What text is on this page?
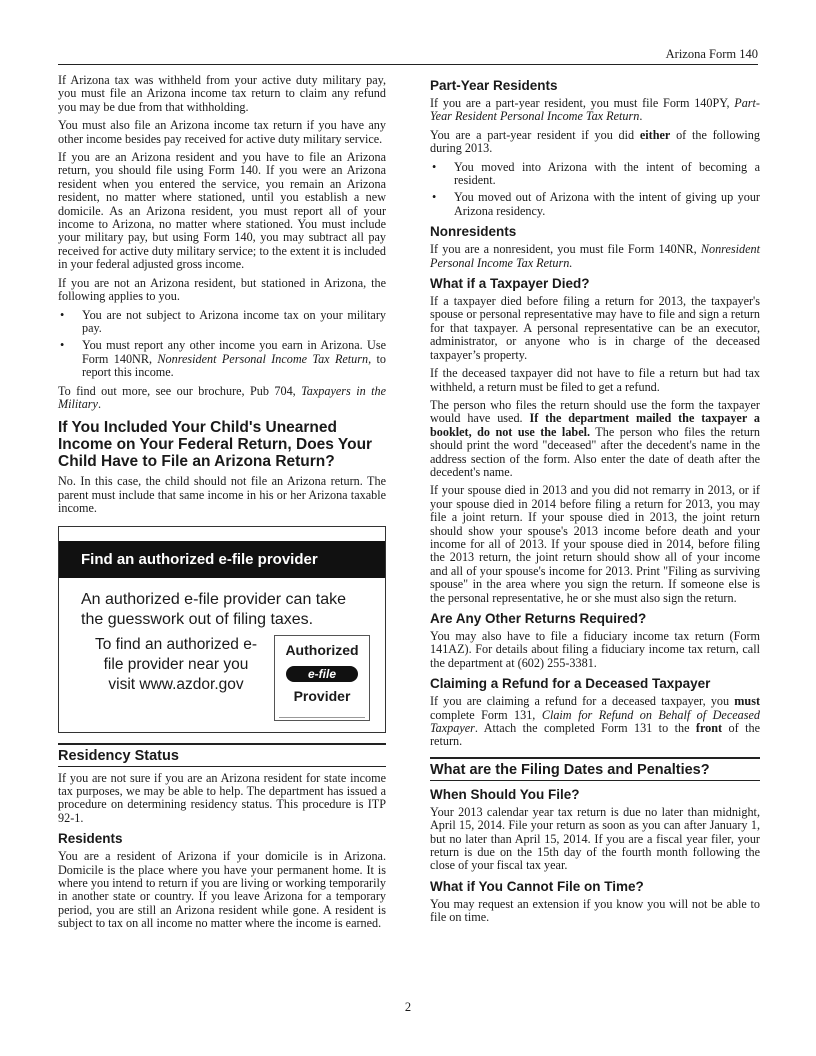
Arizona Form 140

If Arizona tax was withheld from your active duty military pay, you must file an Arizona income tax return to claim any refund you may be due from that withholding.

You must also file an Arizona income tax return if you have any other income besides pay received for active duty military service.

If you are an Arizona resident and you have to file an Arizona return, you should file using Form 140. If you were an Arizona resident when you entered the service, you remain an Arizona resident, no matter where stationed, until you establish a new domicile. As an Arizona resident, you must report all of your income to Arizona, no matter where stationed. You must include your military pay, but using Form 140, you may subtract all pay received for active duty military service; to the extent it is included in your federal adjusted gross income.

If you are not an Arizona resident, but stationed in Arizona, the following applies to you.

• You are not subject to Arizona income tax on your military pay.
• You must report any other income you earn in Arizona. Use Form 140NR, Nonresident Personal Income Tax Return, to report this income.

To find out more, see our brochure, Pub 704, Taxpayers in the Military.

If You Included Your Child's Unearned Income on Your Federal Return, Does Your Child Have to File an Arizona Return?

No. In this case, the child should not file an Arizona return. The parent must include that same income in his or her Arizona taxable income.

Find an authorized e-file provider
An authorized e-file provider can take the guesswork out of filing taxes.
To find an authorized e-file provider near you visit www.azdor.gov
Authorized
e-file
Provider
Residency Status

If you are not sure if you are an Arizona resident for state income tax purposes, we may be able to help. The department has issued a procedure on determining residency status. This procedure is ITP 92-1.

Residents

You are a resident of Arizona if your domicile is in Arizona. Domicile is the place where you have your permanent home. It is where you intend to return if you are living or working temporarily in another state or country. If you leave Arizona for a temporary period, you are still an Arizona resident while gone. A resident is subject to tax on all income no matter where the income is earned.

Part-Year Residents

If you are a part-year resident, you must file Form 140PY, Part-Year Resident Personal Income Tax Return.

You are a part-year resident if you did either of the following during 2013.

• You moved into Arizona with the intent of becoming a resident.
• You moved out of Arizona with the intent of giving up your Arizona residency.
Nonresidents

If you are a nonresident, you must file Form 140NR, Nonresident Personal Income Tax Return.

What if a Taxpayer Died?

If a taxpayer died before filing a return for 2013, the taxpayer's spouse or personal representative may have to file and sign a return for that taxpayer. A personal representative can be an executor, administrator, or anyone who is in charge of the deceased taxpayer’s property.

If the deceased taxpayer did not have to file a return but had tax withheld, a return must be filed to get a refund.

The person who files the return should use the form the taxpayer would have used. If the department mailed the taxpayer a booklet, do not use the label. The person who files the return should print the word "deceased" after the decedent's name in the address section of the form. Also enter the date of death after the decedent's name.

If your spouse died in 2013 and you did not remarry in 2013, or if your spouse died in 2014 before filing a return for 2013, you may file a joint return. If your spouse died in 2013, the joint return should show your spouse's 2013 income before death and your income for all of 2013. If your spouse died in 2014, before filing the 2013 return, the joint return should show all of your income and all of your spouse's income for 2013. Print "Filing as surviving spouse" in the area where you sign the return. If someone else is the personal representative, he or she must also sign the return.

Are Any Other Returns Required?

You may also have to file a fiduciary income tax return (Form 141AZ). For details about filing a fiduciary income tax return, call the department at (602) 255-3381.

Claiming a Refund for a Deceased Taxpayer

If you are claiming a refund for a deceased taxpayer, you must complete Form 131, Claim for Refund on Behalf of Deceased Taxpayer. Attach the completed Form 131 to the front of the return.

What are the Filing Dates and Penalties?
When Should You File?

Your 2013 calendar year tax return is due no later than midnight, April 15, 2014. File your return as soon as you can after January 1, but no later than April 15, 2014. If you are a fiscal year filer, your return is due on the 15th day of the fourth month following the close of your fiscal tax year.

What if You Cannot File on Time?

You may request an extension if you know you will not be able to file on time.

2
